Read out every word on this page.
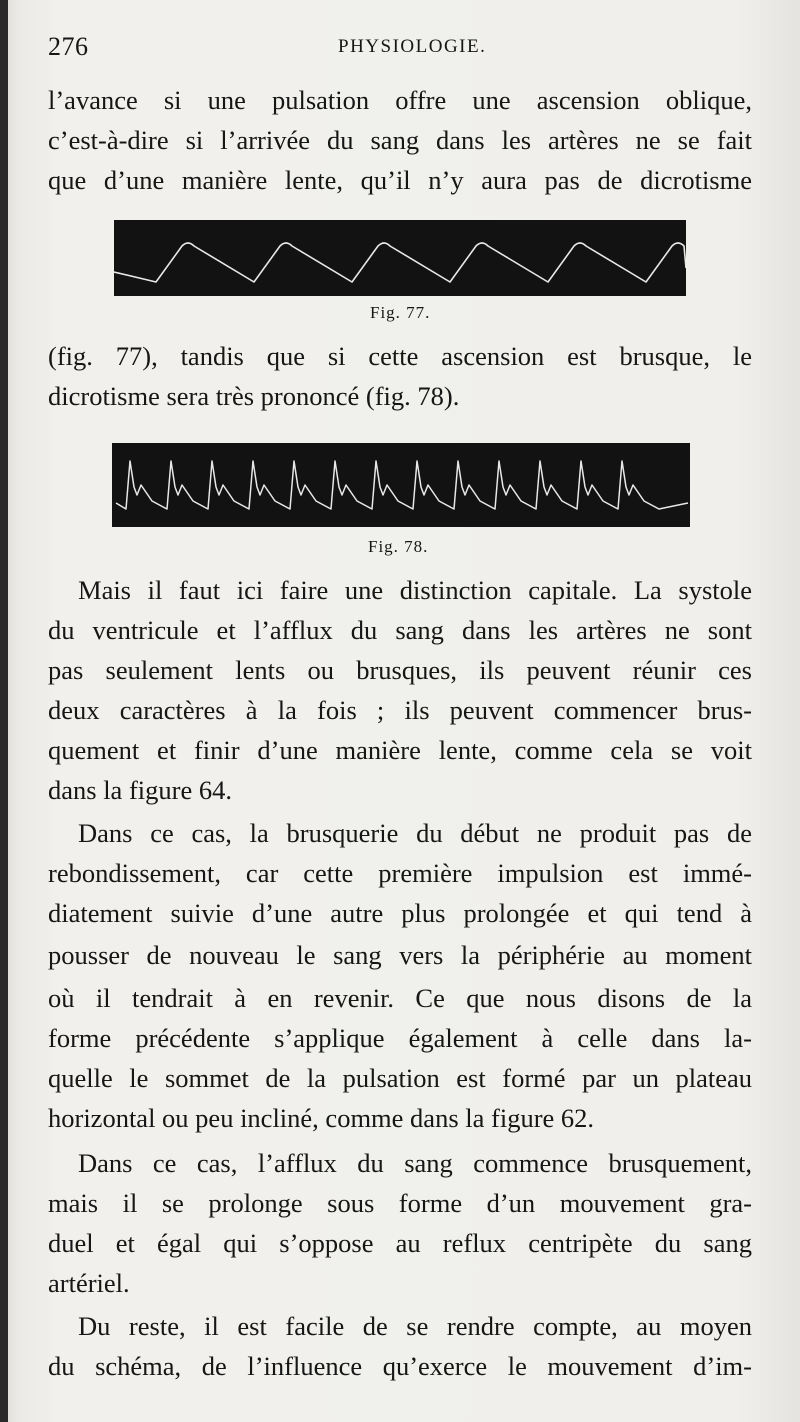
276	PHYSIOLOGIE.
l’avance si une pulsation offre une ascension oblique,
c’est-à-dire si l’arrivée du sang dans les artères ne se fait
que d’une manière lente, qu’il n’y aura pas de dicrotisme
Fig. 77.
(fig. 77), tandis que si cette ascension est brusque, le
dicrotisme sera très prononcé (fig. 78).
Fig. 78.
Mais il faut ici faire une distinction capitale. La systole
du ventricule et l’afflux du sang dans les artères ne sont
pas seulement lents ou brusques, ils peuvent réunir ces
deux caractères à la fois ; ils peuvent commencer brus-
quement et finir d’une manière lente, comme cela se voit
dans la figure 64.
Dans ce cas, la brusquerie du début ne produit pas de
rebondissement, car cette première impulsion est immé-
diatement suivie d’une autre plus prolongée et qui tend à
pousser de nouveau le sang vers la périphérie au moment
où il tendrait à en revenir. Ce que nous disons de la
forme précédente s’applique également à celle dans la-
quelle le sommet de la pulsation est formé par un plateau
horizontal ou peu incliné, comme dans la figure 62.
Dans ce cas, l’afflux du sang commence brusquement,
mais il se prolonge sous forme d’un mouvement gra-
duel et égal qui s’oppose au reflux centripète du sang
artériel.
Du reste, il est facile de se rendre compte, au moyen
du schéma, de l’influence qu’exerce le mouvement d’im-
